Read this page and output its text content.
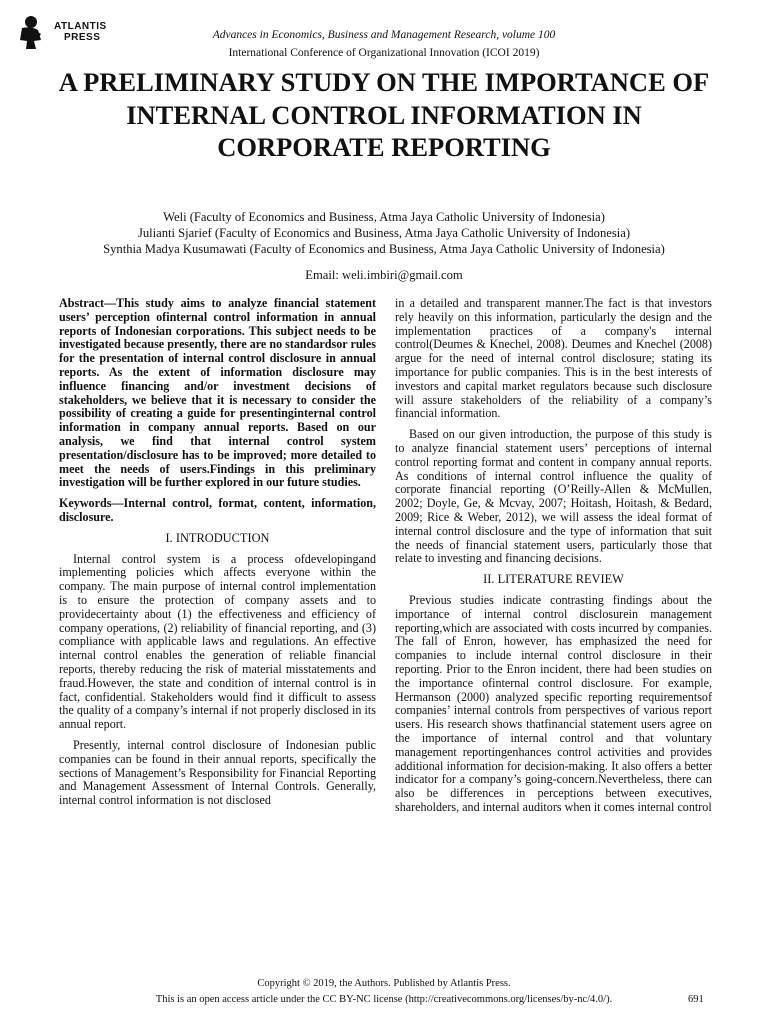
ATLANTIS
PRESS	Advances in Economics, Business and Management Research, volume 100
International Conference of Organizational Innovation (ICOI 2019)
A PRELIMINARY STUDY ON THE IMPORTANCE OF INTERNAL CONTROL INFORMATION IN CORPORATE REPORTING
Weli (Faculty of Economics and Business, Atma Jaya Catholic University of Indonesia)
Julianti Sjarief (Faculty of Economics and Business, Atma Jaya Catholic University of Indonesia)
Synthia Madya Kusumawati (Faculty of Economics and Business, Atma Jaya Catholic University of Indonesia)
Email: weli.imbiri@gmail.com

Abstract—This study aims to analyze financial statement users’ perception ofinternal control information in annual reports of Indonesian corporations. This subject needs to be investigated because presently, there are no standardsor rules for the presentation of internal control disclosure in annual reports. As the extent of information disclosure may influence financing and/or investment decisions of stakeholders, we believe that it is necessary to consider the possibility of creating a guide for presentinginternal control information in company annual reports. Based on our analysis, we find that internal control system presentation/disclosure has to be improved; more detailed to meet the needs of users.Findings in this preliminary investigation will be further explored in our future studies.

Keywords—Internal control, format, content, information, disclosure.

I. INTRODUCTION

Internal control system is a process ofdevelopingand implementing policies which affects everyone within the company. The main purpose of internal control implementation is to ensure the protection of company assets and to providecertainty about (1) the effectiveness and efficiency of company operations, (2) reliability of financial reporting, and (3) compliance with applicable laws and regulations. An effective internal control enables the generation of reliable financial reports, thereby reducing the risk of material misstatements and fraud.However, the state and condition of internal control is in fact, confidential. Stakeholders would find it difficult to assess the quality of a company’s internal if not properly disclosed in its annual report.

Presently, internal control disclosure of Indonesian public companies can be found in their annual reports, specifically the sections of Management’s Responsibility for Financial Reporting and Management Assessment of Internal Controls. Generally, internal control information is not disclosed

in a detailed and transparent manner.The fact is that investors rely heavily on this information, particularly the design and the implementation practices of a company's internal control(Deumes & Knechel, 2008). Deumes and Knechel (2008) argue for the need of internal control disclosure; stating its importance for public companies. This is in the best interests of investors and capital market regulators because such disclosure will assure stakeholders of the reliability of a company’s financial information.

Based on our given introduction, the purpose of this study is to analyze financial statement users’ perceptions of internal control reporting format and content in company annual reports. As conditions of internal control influence the quality of corporate financial reporting (O’Reilly-Allen & McMullen, 2002; Doyle, Ge, & Mcvay, 2007; Hoitash, Hoitash, & Bedard, 2009; Rice & Weber, 2012), we will assess the ideal format of internal control disclosure and the type of information that suit the needs of financial statement users, particularly those that relate to investing and financing decisions.

II. LITERATURE REVIEW

Previous studies indicate contrasting findings about the importance of internal control disclosurein management reporting,which are associated with costs incurred by companies. The fall of Enron, however, has emphasized the need for companies to include internal control disclosure in their reporting. Prior to the Enron incident, there had been studies on the importance ofinternal control disclosure. For example, Hermanson (2000) analyzed specific reporting requirementsof companies’ internal controls from perspectives of various report users. His research shows thatfinancial statement users agree on the importance of internal control and that voluntary management reportingenhances control activities and provides additional information for decision-making. It also offers a better indicator for a company’s going-concern.Nevertheless, there can also be differences in perceptions between executives, shareholders, and internal auditors when it comes internal control

Copyright © 2019, the Authors. Published by Atlantis Press.
This is an open access article under the CC BY-NC license (http://creativecommons.org/licenses/by-nc/4.0/).	691
